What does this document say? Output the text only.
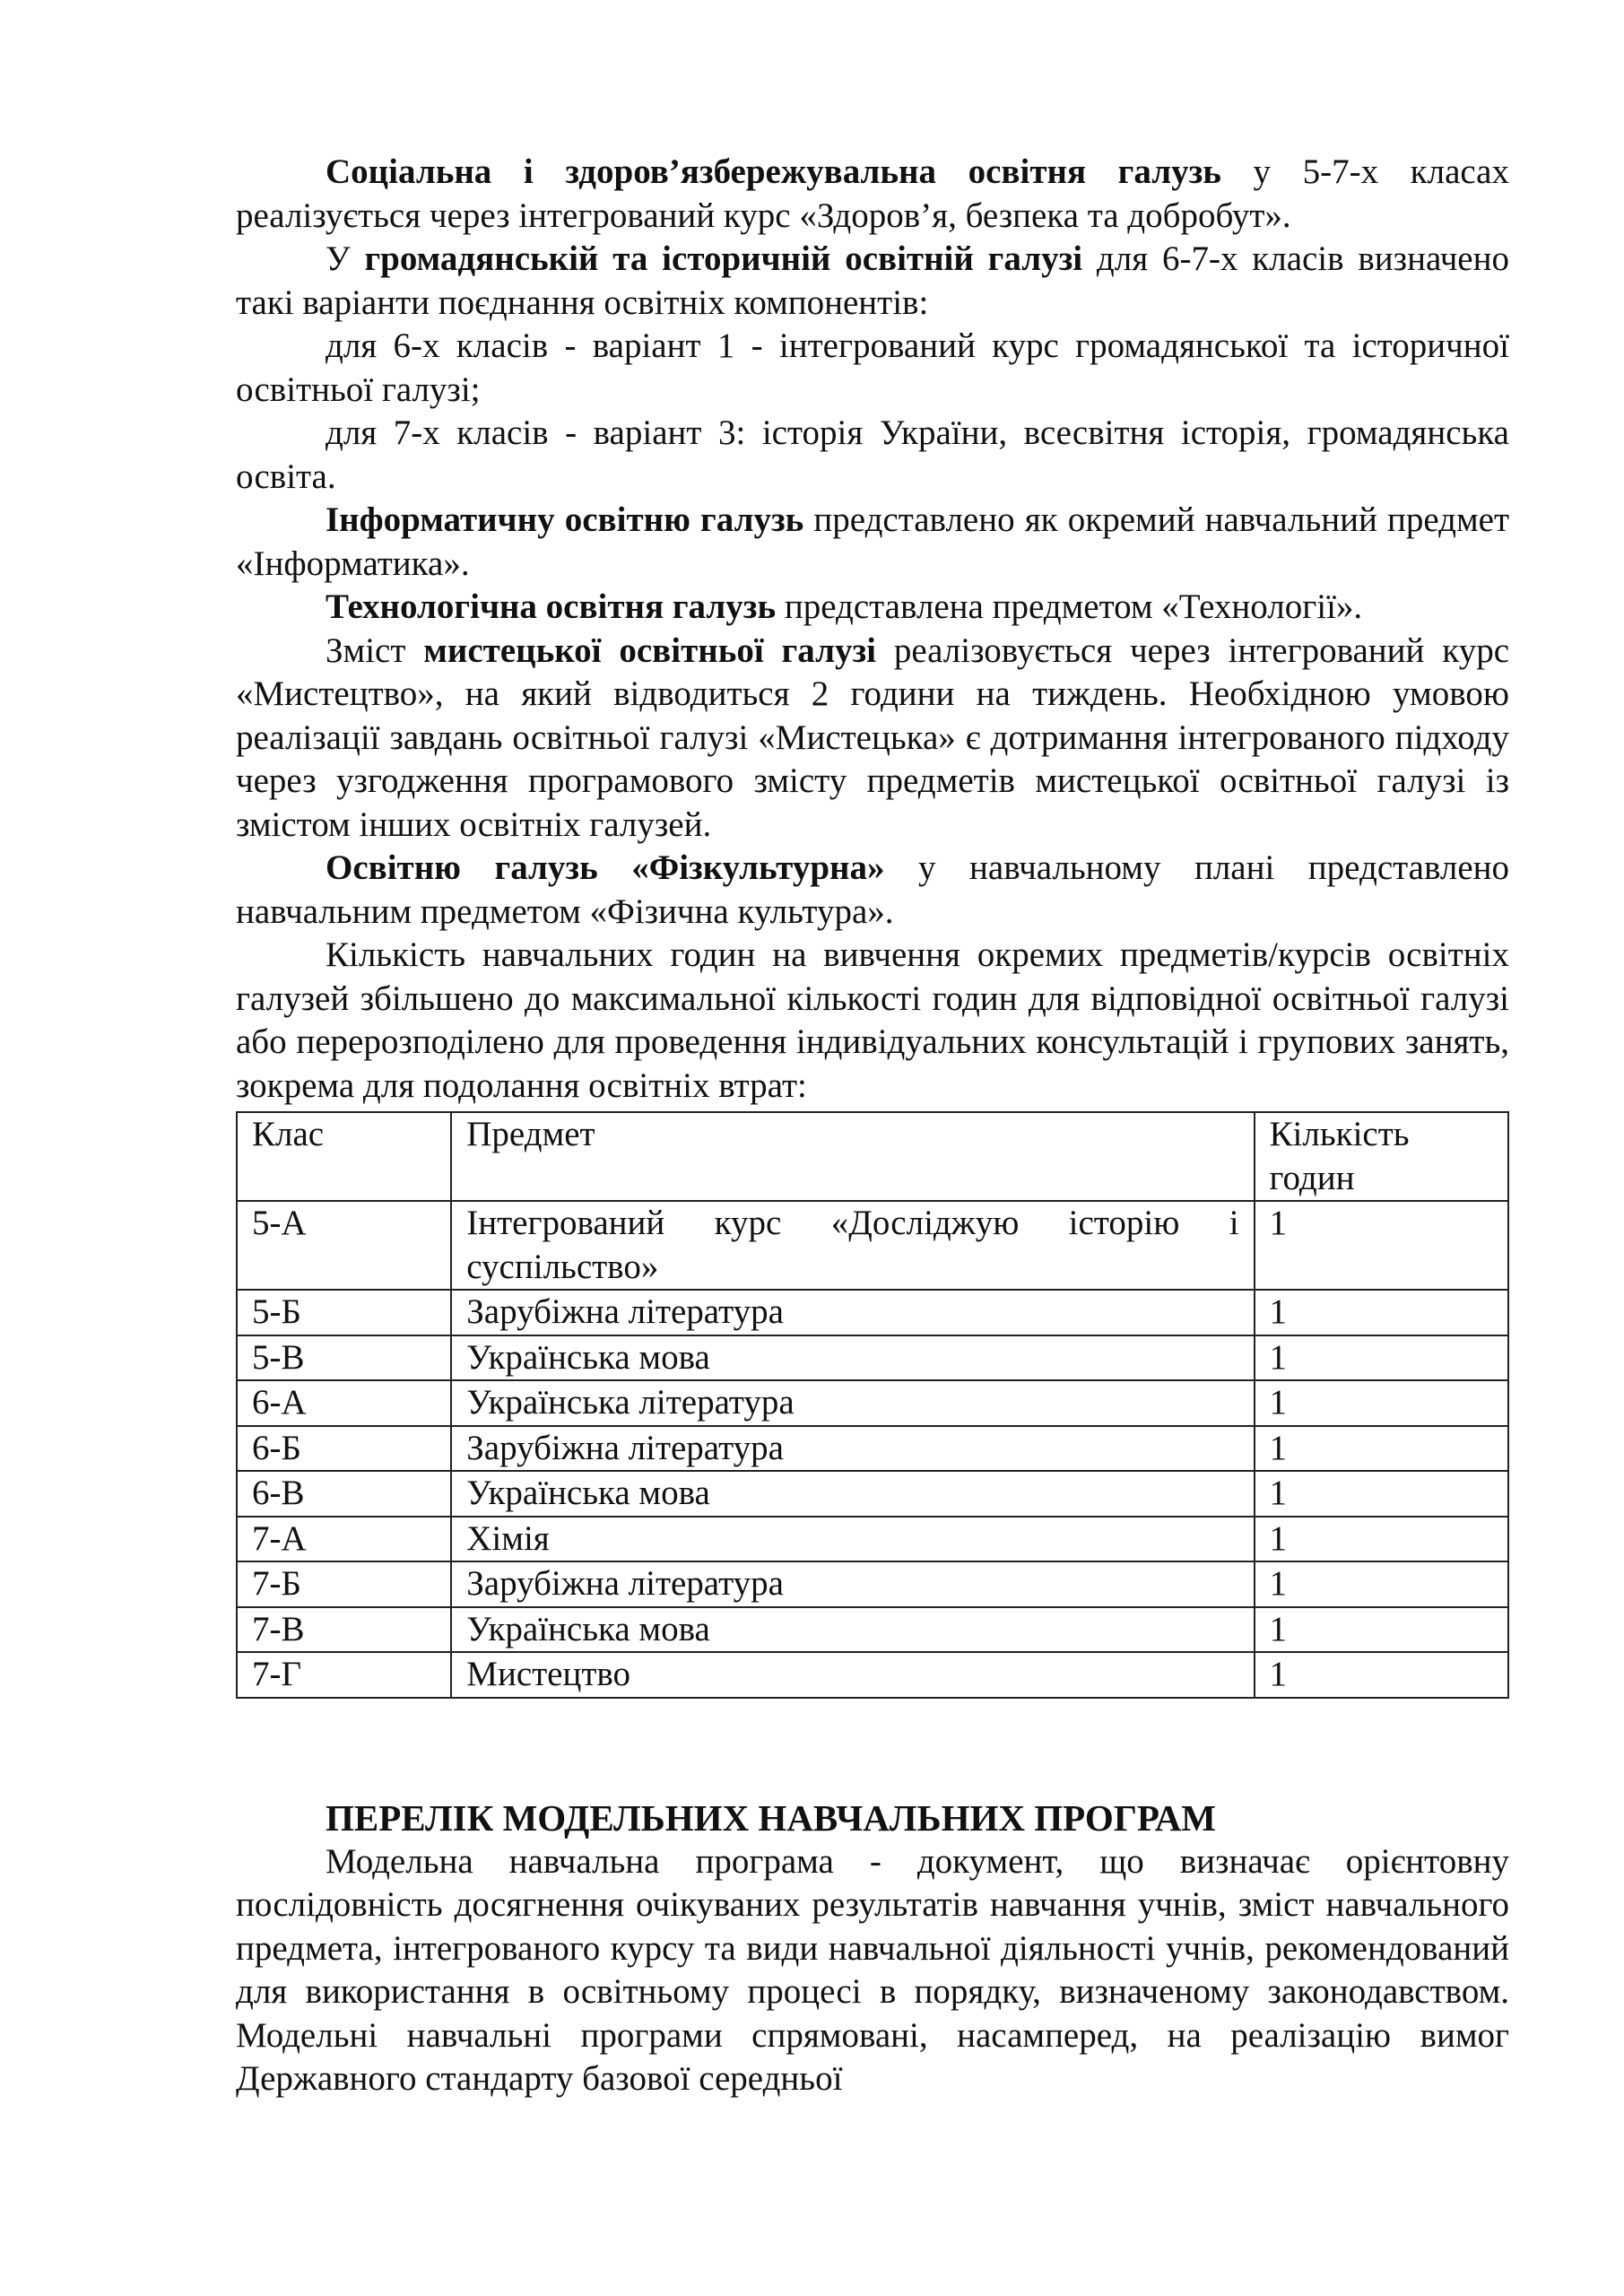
Соціальна і здоров’язбережувальна освітня галузь у 5-7-х класах реалізується через інтегрований курс «Здоров’я, безпека та добробут».

У громадянській та історичній освітній галузі для 6-7-х класів визначено такі варіанти поєднання освітніх компонентів:

для 6-х класів - варіант 1 - інтегрований курс громадянської та історичної освітньої галузі;

для 7-х класів - варіант 3: історія України, всесвітня історія, громадянська освіта.

Інформатичну освітню галузь представлено як окремий навчальний предмет «Інформатика».

Технологічна освітня галузь представлена предметом «Технології».

Зміст мистецької освітньої галузі реалізовується через інтегрований курс «Мистецтво», на який відводиться 2 години на тиждень. Необхідною умовою реалізації завдань освітньої галузі «Мистецька» є дотримання інтегрованого підходу через узгодження програмового змісту предметів мистецької освітньої галузі із змістом інших освітніх галузей.

Освітню галузь «Фізкультурна» у навчальному плані представлено навчальним предметом «Фізична культура».

Кількість навчальних годин на вивчення окремих предметів/курсів освітніх галузей збільшено до максимальної кількості годин для відповідної освітньої галузі або перерозподілено для проведення індивідуальних консультацій і групових занять, зокрема для подолання освітніх втрат:

Клас	Предмет	Кількість годин
5-А	Інтегрований курс «Досліджую історію і суспільство»	1
5-Б	Зарубіжна література	1
5-В	Українська мова	1
6-А	Українська література	1
6-Б	Зарубіжна література	1
6-В	Українська мова	1
7-А	Хімія	1
7-Б	Зарубіжна література	1
7-В	Українська мова	1
7-Г	Мистецтво	1
ПЕРЕЛІК МОДЕЛЬНИХ НАВЧАЛЬНИХ ПРОГРАМ

Модельна навчальна програма - документ, що визначає орієнтовну послідовність досягнення очікуваних результатів навчання учнів, зміст навчального предмета, інтегрованого курсу та види навчальної діяльності учнів, рекомендований для використання в освітньому процесі в порядку, визначеному законодавством. Модельні навчальні програми спрямовані, насамперед, на реалізацію вимог Державного стандарту базової середньої
